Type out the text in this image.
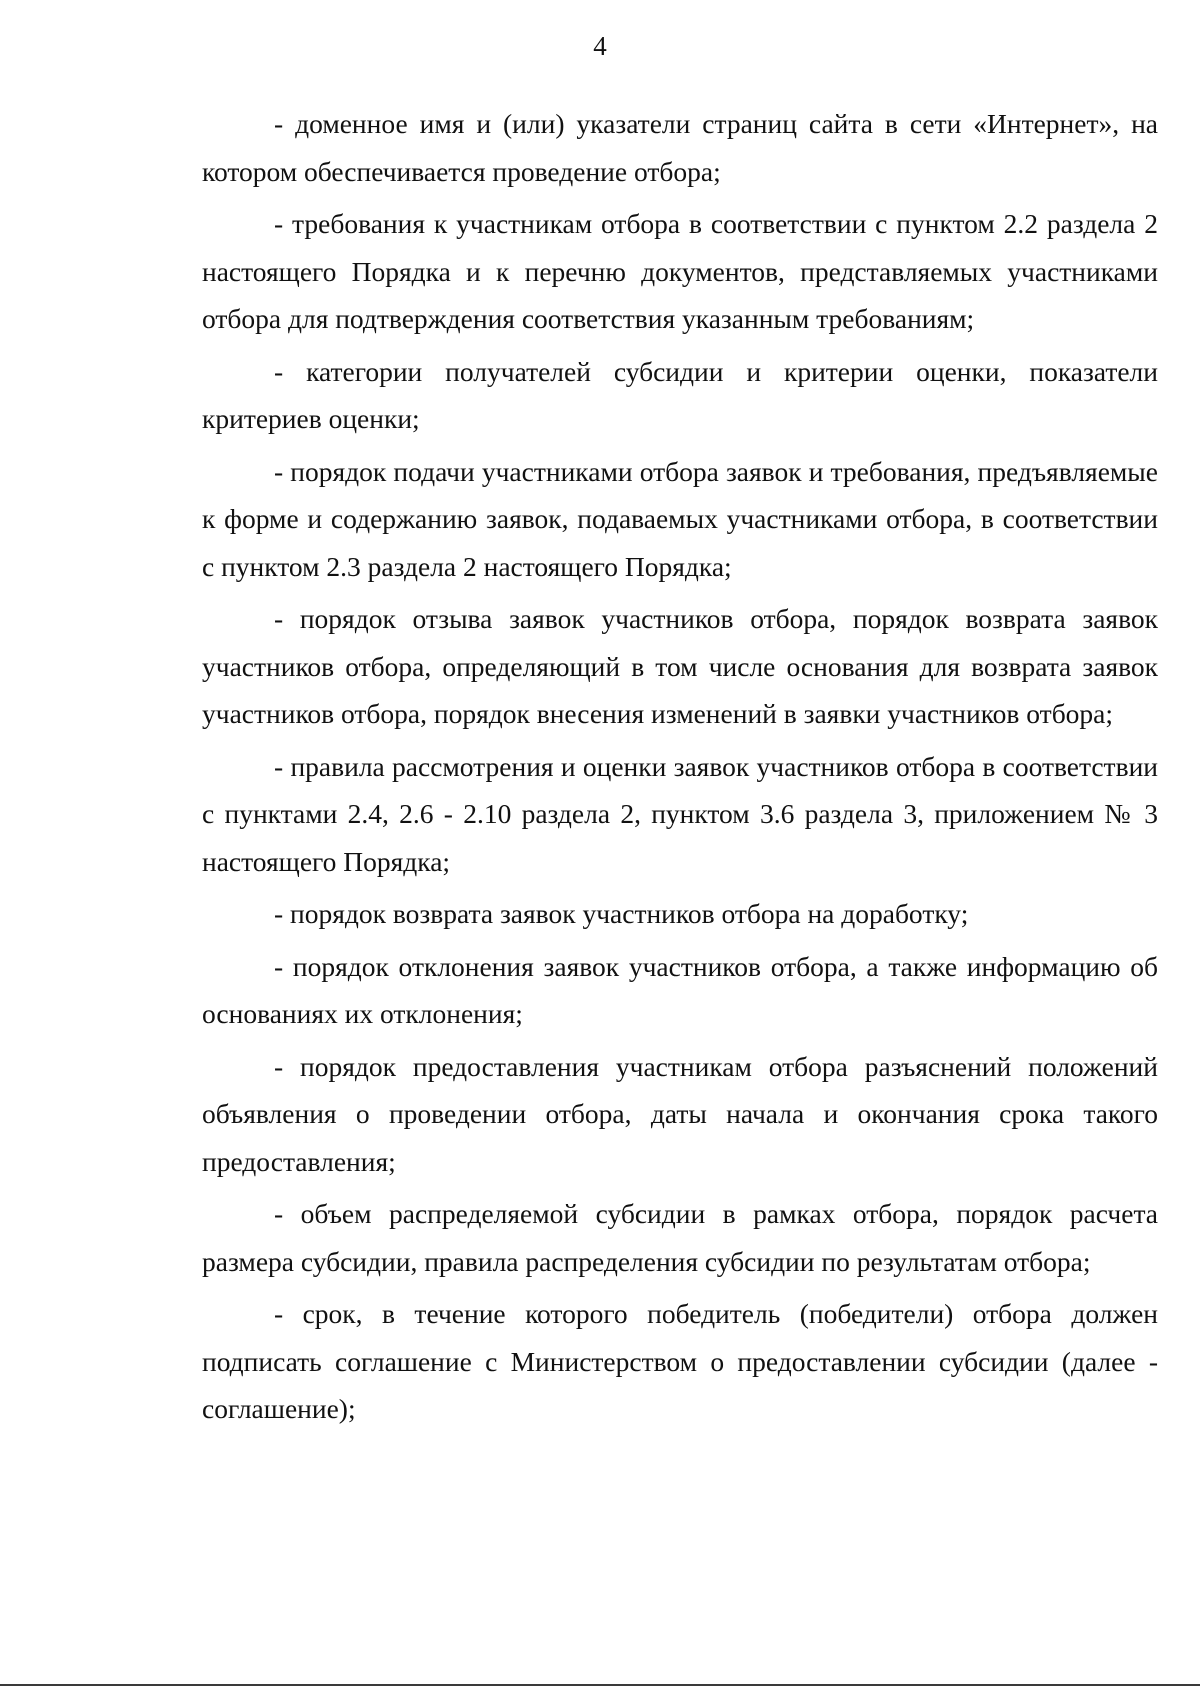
4

- доменное имя и (или) указатели страниц сайта в сети «Интернет», на котором обеспечивается проведение отбора;

- требования к участникам отбора в соответствии с пунктом 2.2 раздела 2 настоящего Порядка и к перечню документов, представляемых участниками отбора для подтверждения соответствия указанным требованиям;

- категории получателей субсидии и критерии оценки, показатели критериев оценки;

- порядок подачи участниками отбора заявок и требования, предъявляемые к форме и содержанию заявок, подаваемых участниками отбора, в соответствии с пунктом 2.3 раздела 2 настоящего Порядка;

- порядок отзыва заявок участников отбора, порядок возврата заявок участников отбора, определяющий в том числе основания для возврата заявок участников отбора, порядок внесения изменений в заявки участников отбора;

- правила рассмотрения и оценки заявок участников отбора в соответствии с пунктами 2.4, 2.6 - 2.10 раздела 2, пунктом 3.6 раздела 3, приложением № 3 настоящего Порядка;

- порядок возврата заявок участников отбора на доработку;

- порядок отклонения заявок участников отбора, а также информацию об основаниях их отклонения;

- порядок предоставления участникам отбора разъяснений положений объявления о проведении отбора, даты начала и окончания срока такого предоставления;

- объем распределяемой субсидии в рамках отбора, порядок расчета размера субсидии, правила распределения субсидии по результатам отбора;

- срок, в течение которого победитель (победители) отбора должен подписать соглашение с Министерством о предоставлении субсидии (далее - соглашение);
